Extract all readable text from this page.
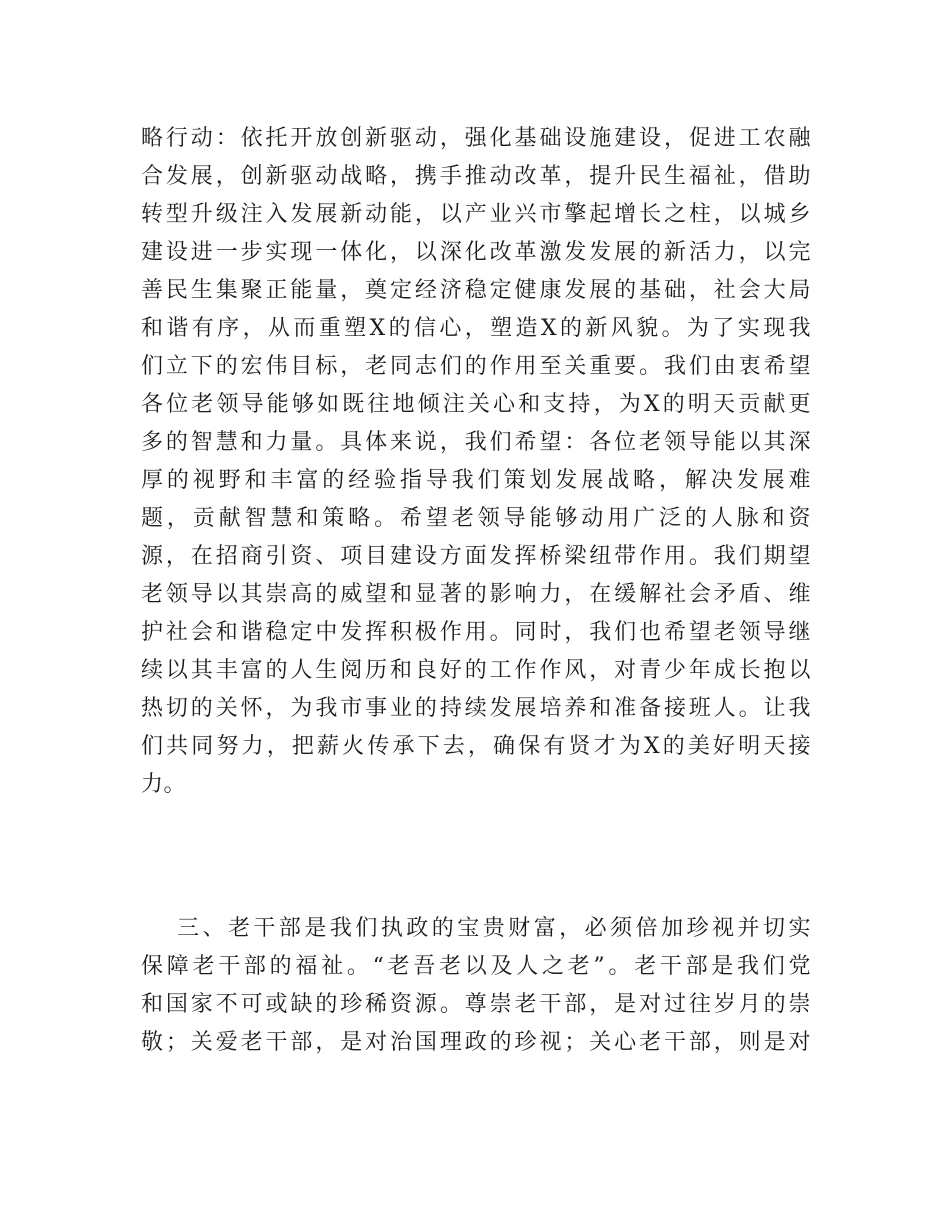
略行动：依托开放创新驱动，强化基础设施建设，促进工农融
合发展，创新驱动战略，携手推动改革，提升民生福祉，借助
转型升级注入发展新动能，以产业兴市擎起增长之柱，以城乡
建设进一步实现一体化，以深化改革激发发展的新活力，以完
善民生集聚正能量，奠定经济稳定健康发展的基础，社会大局
和谐有序，从而重塑X的信心，塑造X的新风貌。为了实现我
们立下的宏伟目标，老同志们的作用至关重要。我们由衷希望
各位老领导能够如既往地倾注关心和支持，为X的明天贡献更
多的智慧和力量。具体来说，我们希望：各位老领导能以其深
厚的视野和丰富的经验指导我们策划发展战略，解决发展难
题，贡献智慧和策略。希望老领导能够动用广泛的人脉和资
源，在招商引资、项目建设方面发挥桥梁纽带作用。我们期望
老领导以其崇高的威望和显著的影响力，在缓解社会矛盾、维
护社会和谐稳定中发挥积极作用。同时，我们也希望老领导继
续以其丰富的人生阅历和良好的工作作风，对青少年成长抱以
热切的关怀，为我市事业的持续发展培养和准备接班人。让我
们共同努力，把薪火传承下去，确保有贤才为X的美好明天接
力。
三、老干部是我们执政的宝贵财富，必须倍加珍视并切实
保障老干部的福祉。“老吾老以及人之老”。老干部是我们党
和国家不可或缺的珍稀资源。尊崇老干部，是对过往岁月的崇
敬；关爱老干部，是对治国理政的珍视；关心老干部，则是对
